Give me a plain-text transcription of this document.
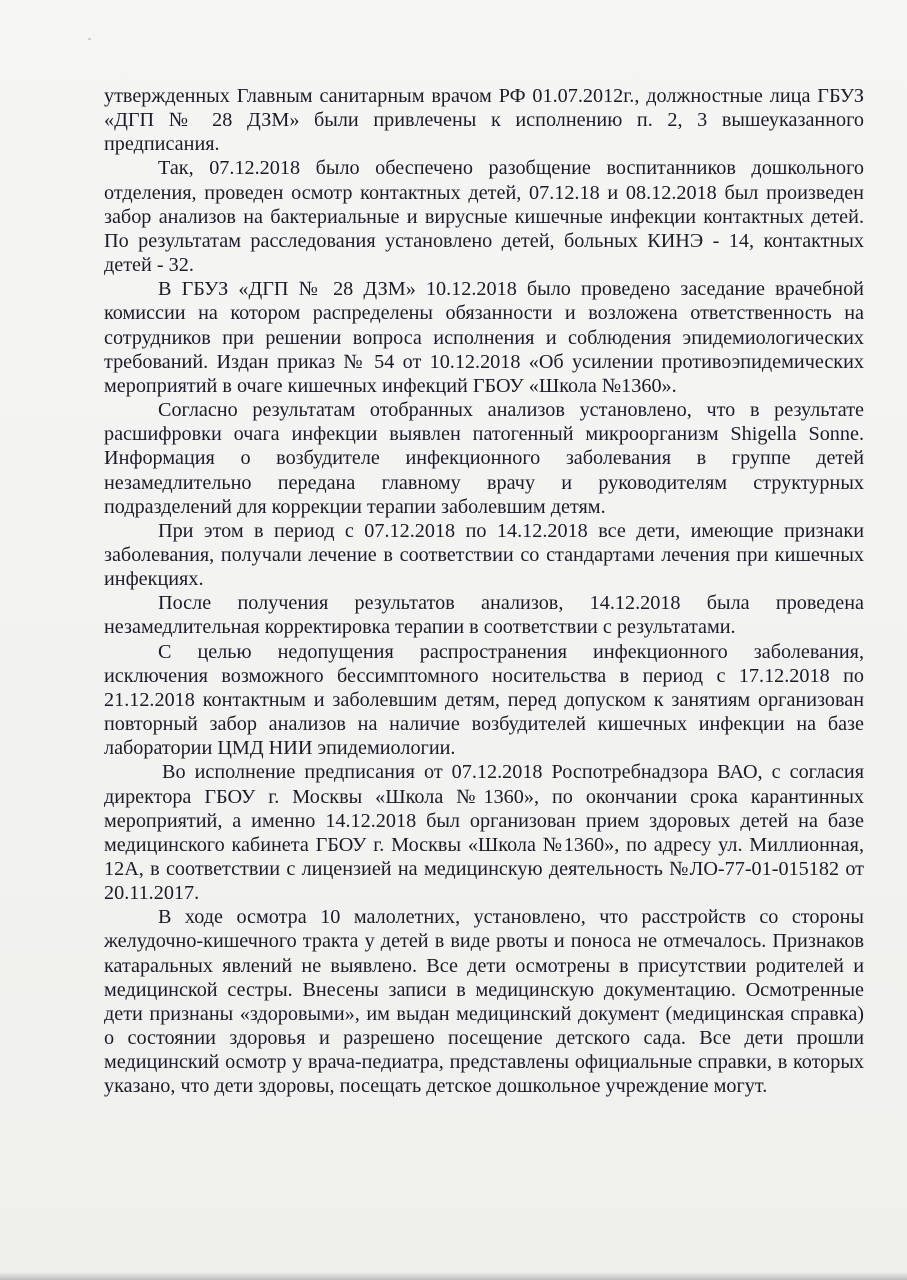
утвержденных Главным санитарным врачом РФ 01.07.2012г., должностные лица ГБУЗ «ДГП № 28 ДЗМ» были привлечены к исполнению п. 2, 3 вышеуказанного предписания.

Так, 07.12.2018 было обеспечено разобщение воспитанников дошкольного отделения, проведен осмотр контактных детей, 07.12.18 и 08.12.2018 был произведен забор анализов на бактериальные и вирусные кишечные инфекции контактных детей. По результатам расследования установлено детей, больных КИНЭ - 14, контактных детей - 32.

В ГБУЗ «ДГП № 28 ДЗМ» 10.12.2018 было проведено заседание врачебной комиссии на котором распределены обязанности и возложена ответственность на сотрудников при решении вопроса исполнения и соблюдения эпидемиологических требований. Издан приказ № 54 от 10.12.2018 «Об усилении противоэпидемических мероприятий в очаге кишечных инфекций ГБОУ «Школа №1360».

Согласно результатам отобранных анализов установлено, что в результате расшифровки очага инфекции выявлен патогенный микроорганизм Shigella Sonne. Информация о возбудителе инфекционного заболевания в группе детей незамедлительно передана главному врачу и руководителям структурных подразделений для коррекции терапии заболевшим детям.

При этом в период с 07.12.2018 по 14.12.2018 все дети, имеющие признаки заболевания, получали лечение в соответствии со стандартами лечения при кишечных инфекциях.

После получения результатов анализов, 14.12.2018 была проведена незамедлительная корректировка терапии в соответствии с результатами.

С целью недопущения распространения инфекционного заболевания, исключения возможного бессимптомного носительства в период с 17.12.2018 по 21.12.2018 контактным и заболевшим детям, перед допуском к занятиям организован повторный забор анализов на наличие возбудителей кишечных инфекции на базе лаборатории ЦМД НИИ эпидемиологии.

Во исполнение предписания от 07.12.2018 Роспотребнадзора ВАО, с согласия директора ГБОУ г. Москвы «Школа №1360», по окончании срока карантинных мероприятий, а именно 14.12.2018 был организован прием здоровых детей на базе медицинского кабинета ГБОУ г. Москвы «Школа №1360», по адресу ул. Миллионная, 12А, в соответствии с лицензией на медицинскую деятельность №ЛО-77-01-015182 от 20.11.2017.

В ходе осмотра 10 малолетних, установлено, что расстройств со стороны желудочно-кишечного тракта у детей в виде рвоты и поноса не отмечалось. Признаков катаральных явлений не выявлено. Все дети осмотрены в присутствии родителей и медицинской сестры. Внесены записи в медицинскую документацию. Осмотренные дети признаны «здоровыми», им выдан медицинский документ (медицинская справка) о состоянии здоровья и разрешено посещение детского сада. Все дети прошли медицинский осмотр у врача-педиатра, представлены официальные справки, в которых указано, что дети здоровы, посещать детское дошкольное учреждение могут.
